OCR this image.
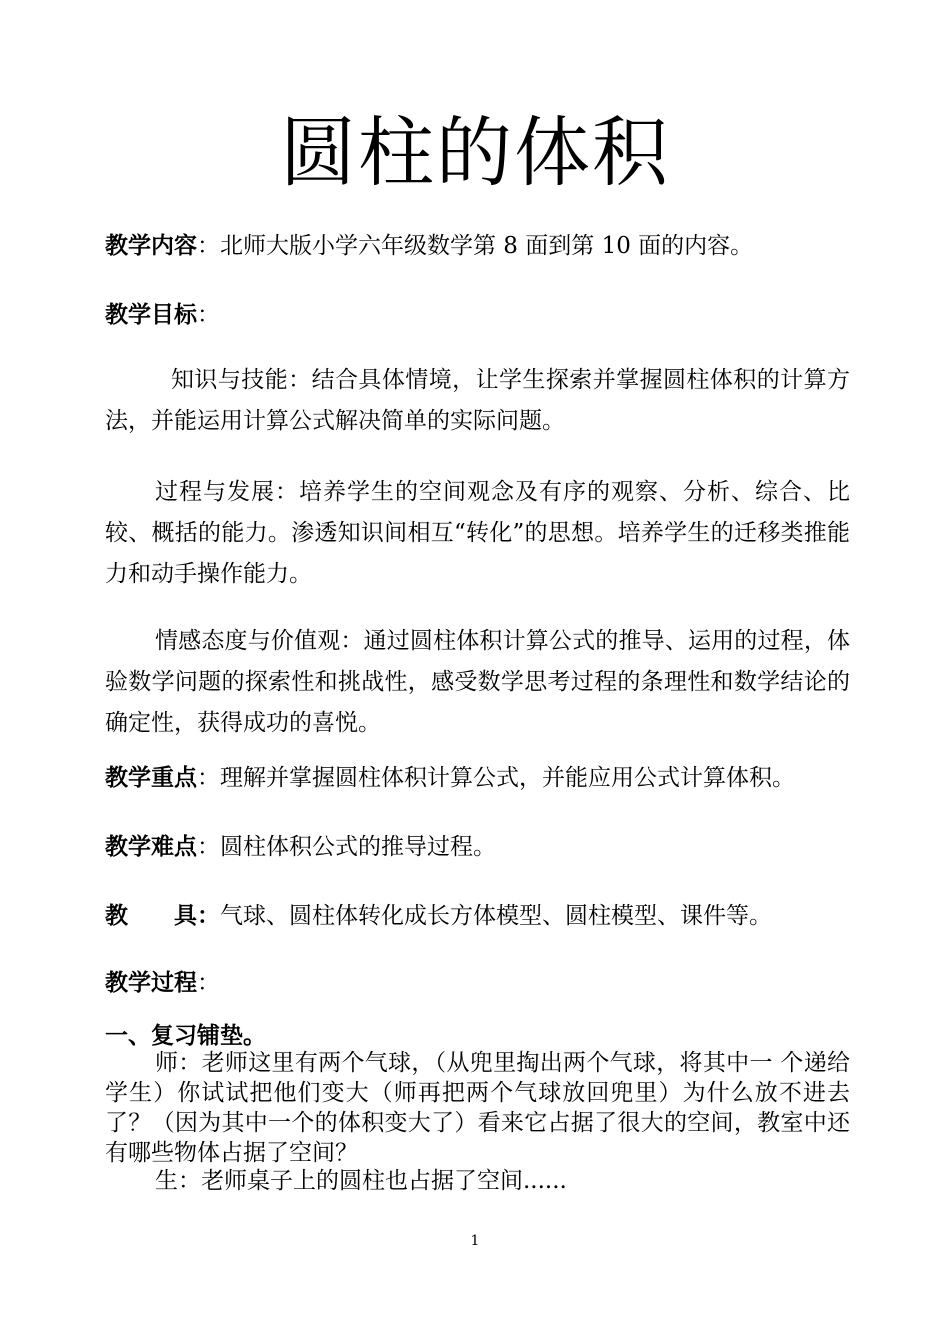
圆柱的体积
教学内容：北师大版小学六年级数学第 8 面到第 10 面的内容。
教学目标：
知识与技能：结合具体情境，让学生探索并掌握圆柱体积的计算方法，并能运用计算公式解决简单的实际问题。
过程与发展：培养学生的空间观念及有序的观察、分析、综合、比较、概括的能力。渗透知识间相互“转化”的思想。培养学生的迁移类推能力和动手操作能力。
情感态度与价值观：通过圆柱体积计算公式的推导、运用的过程，体验数学问题的探索性和挑战性，感受数学思考过程的条理性和数学结论的确定性，获得成功的喜悦。
教学重点：理解并掌握圆柱体积计算公式，并能应用公式计算体积。
教学难点：圆柱体积公式的推导过程。
教　　具：气球、圆柱体转化成长方体模型、圆柱模型、课件等。
教学过程：
一、复习铺垫。
师：老师这里有两个气球，（从兜里掏出两个气球，将其中一 个递给学生）你试试把他们变大（师再把两个气球放回兜里）为什么放不进去了？（因为其中一个的体积变大了）看来它占据了很大的空间，教室中还有哪些物体占据了空间？
生：老师桌子上的圆柱也占据了空间......
1
